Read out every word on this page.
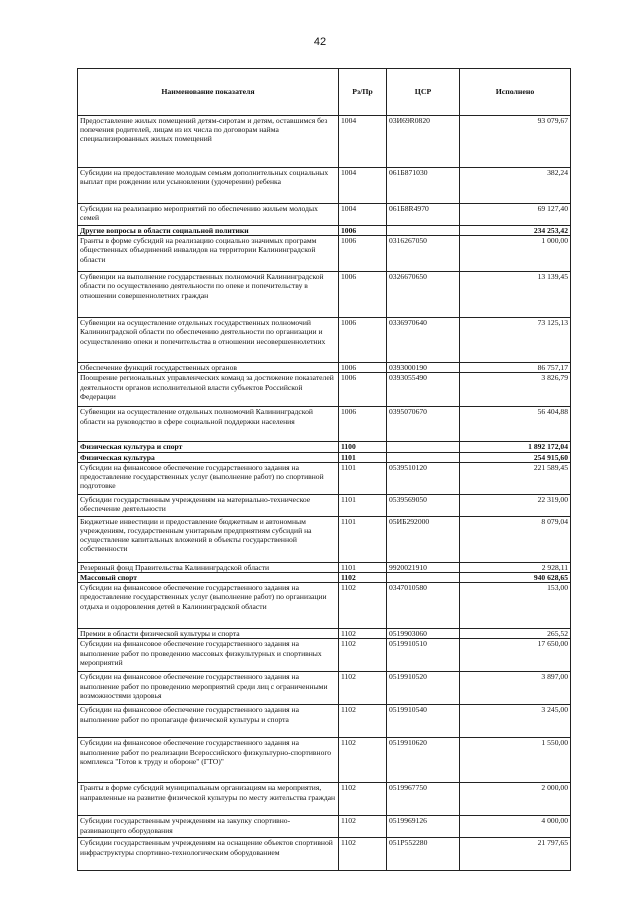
42
Наименование показателя	Рз/Пр	ЦСР	Исполнено
Предоставление жилых помещений детям-сиротам и детям, оставшимся без попечения родителей, лицам из их числа по договорам найма специализированных жилых помещений	1004	03И69R0820	93 079,67
Субсидии на предоставление молодым семьям дополнительных социальных выплат при рождении или усыновлении (удочерении) ребенка	1004	061Б871030	382,24
Субсидии на реализацию мероприятий по обеспечению жильем молодых семей	1004	061Б8R4970	69 127,40
Другие вопросы в области социальной политики	1006		234 253,42
Гранты в форме субсидий на реализацию социально значимых программ общественных объединений инвалидов на территории Калининградской области	1006	0316267050	1 000,00
Субвенции на выполнение государственных полномочий Калининградской области по осуществлению деятельности по опеке и попечительству в отношении совершеннолетних граждан	1006	0326670650	13 139,45
Субвенции на осуществление отдельных государственных полномочий Калининградской области по обеспечению деятельности по организации и осуществлению опеки и попечительства в отношении несовершеннолетних	1006	0336970640	73 125,13
Обеспечение функций государственных органов	1006	0393000190	86 757,17
Поощрение региональных управленческих команд за достижение показателей деятельности органов исполнительной власти субъектов Российской Федерации	1006	0393055490	3 826,79
Субвенции на осуществление отдельных полномочий Калининградской области на руководство в сфере социальной поддержки населения	1006	0395070670	56 404,88
Физическая культура и спорт	1100		1 892 172,04
Физическая культура	1101		254 915,60
Субсидии на финансовое обеспечение государственного задания на предоставление государственных услуг (выполнение работ) по спортивной подготовке	1101	0539510120	221 589,45
Субсидии государственным учреждениям на материально-техническое обеспечение деятельности	1101	0539569050	22 319,00
Бюджетные инвестиции и предоставление бюджетным и автономным учреждениям, государственным унитарным предприятиям субсидий на осуществление капитальных вложений в объекты государственной собственности	1101	05ИБ292000	8 079,04
Резервный фонд Правительства Калининградской области	1101	9920021910	2 928,11
Массовый спорт	1102		940 628,65
Субсидии на финансовое обеспечение государственного задания на предоставление государственных услуг (выполнение работ) по организации отдыха и оздоровления детей в Калининградской области	1102	0347010580	153,00
Премии в области физической культуры и спорта	1102	0519903060	265,52
Субсидии на финансовое обеспечение государственного задания на выполнение работ по проведению массовых физкультурных и спортивных мероприятий	1102	0519910510	17 650,00
Субсидии на финансовое обеспечение государственного задания на выполнение работ по проведению мероприятий среди лиц с ограниченными возможностями здоровья	1102	0519910520	3 897,00
Субсидии на финансовое обеспечение государственного задания на выполнение работ по пропаганде физической культуры и спорта	1102	0519910540	3 245,00
Субсидии на финансовое обеспечение государственного задания на выполнение работ по реализации Всероссийского физкультурно-спортивного комплекса "Готов к труду и обороне" (ГТО)"	1102	0519910620	1 550,00
Гранты в форме субсидий муниципальным организациям на мероприятия, направленные на развитие физической культуры по месту жительства граждан	1102	0519967750	2 000,00
Субсидии государственным учреждениям на закупку спортивно-развивающего оборудования	1102	0519969126	4 000,00
Субсидии государственным учреждениям на оснащение объектов спортивной инфраструктуры спортивно-технологическим оборудованием	1102	051P552280	21 797,65
